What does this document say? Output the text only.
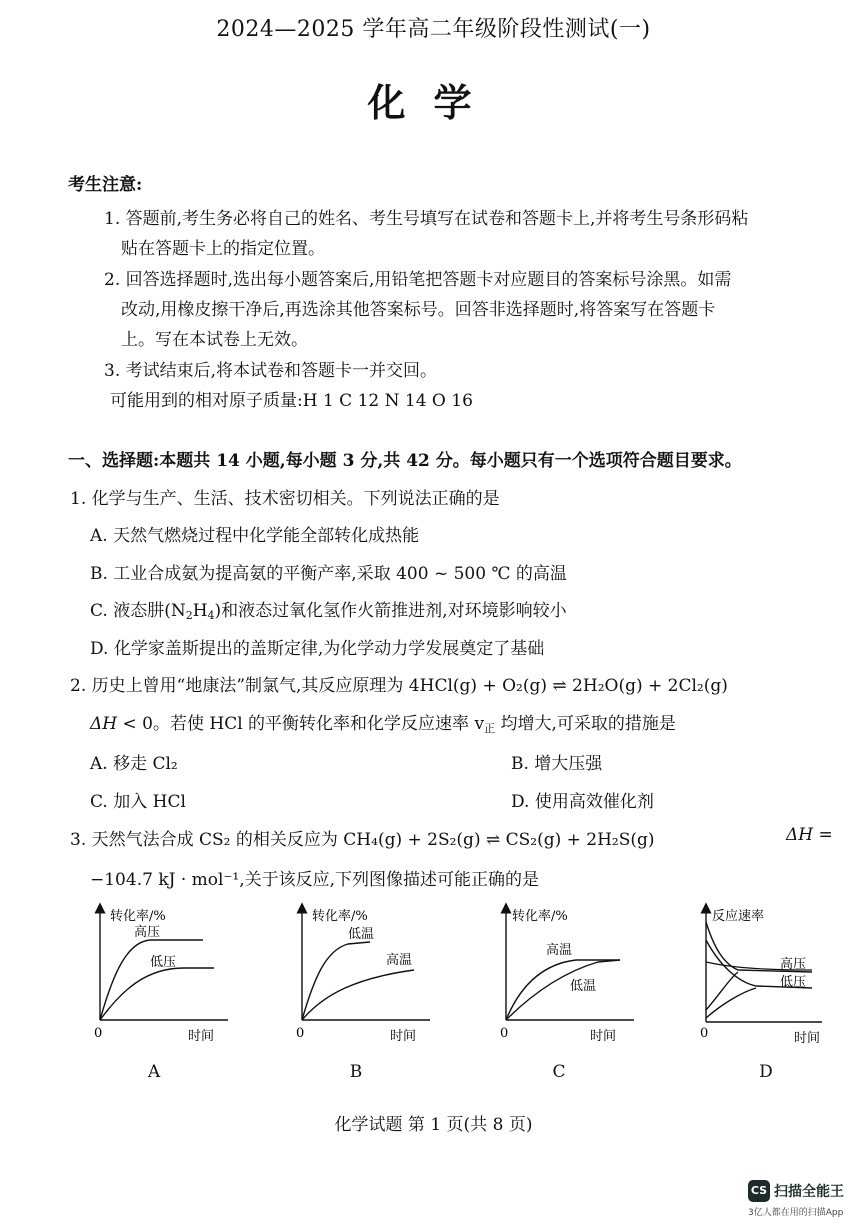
2024—2025 学年高二年级阶段性测试(一)
化学
考生注意:
1. 答题前,考生务必将自己的姓名、考生号填写在试卷和答题卡上,并将考生号条形码粘
贴在答题卡上的指定位置。
2. 回答选择题时,选出每小题答案后,用铅笔把答题卡对应题目的答案标号涂黑。如需
改动,用橡皮擦干净后,再选涂其他答案标号。回答非选择题时,将答案写在答题卡
上。写在本试卷上无效。
3. 考试结束后,将本试卷和答题卡一并交回。
可能用到的相对原子质量:H 1 C 12 N 14 O 16
一、选择题:本题共 14 小题,每小题 3 分,共 42 分。每小题只有一个选项符合题目要求。
1. 化学与生产、生活、技术密切相关。下列说法正确的是
A. 天然气燃烧过程中化学能全部转化成热能
B. 工业合成氨为提高氨的平衡产率,采取 400 ~ 500 ℃ 的高温
C. 液态肼$(N_2H_4)$和液态过氧化氢作火箭推进剂,对环境影响较小
D. 化学家盖斯提出的盖斯定律,为化学动力学发展奠定了基础
2. 历史上曾用“地康法”制氯气,其反应原理为 4HCl(g) + O₂(g) ⇌ 2H₂O(g) + 2Cl₂(g)
ΔH < 0。若使 HCl 的平衡转化率和化学反应速率 $v_正$ 均增大,可采取的措施是
A. 移走 Cl₂	B. 增大压强
C. 加入 HCl	D. 使用高效催化剂
3. 天然气法合成 CS₂ 的相关反应为 CH₄(g) + 2S₂(g) ⇌ CS₂(g) + 2H₂S(g)	ΔH =
−104.7 kJ · mol⁻¹,关于该反应,下列图像描述可能正确的是
转化率/%
高压
低压
0	时间
A
转化率/%
低温
高温
0	时间
B
转化率/%
高温
低温
0	时间
C
反应速率
高压
低压
0	时间
D
化学试题 第 1 页(共 8 页)
CS 扫描全能王
3亿人都在用的扫描App
